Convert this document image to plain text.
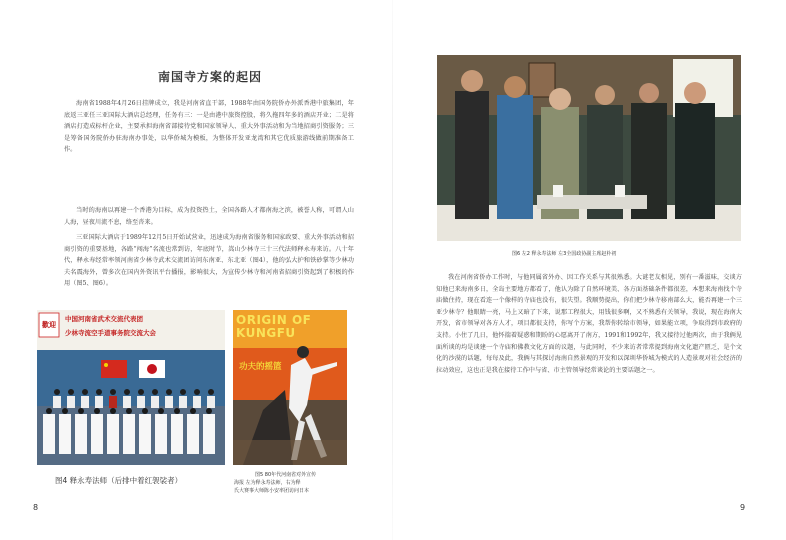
南国寺方案的起因

海南省1988年4月26日挂牌成立，我是河南省直干部，1988年由国务院侨办外派香港中旅集团，年底返三亚任三亚国际大酒店总经理，任务有三：一是由港中旅资控股，将久拖四年多的酒店开业；二是将酒店打造成标杆企业，主要承担海南省部接待党和国家领导人、重大外事活动和为当地招商引资服务；三是筹备国务院侨办驻海南办事处，以华侨城为模板，为整体开发亚龙湾和其它优质旅游线做前期准备工作。

当时的海南以再建一个香港为目标，成为投资热土，全国各路人才都南海之滨，被誉人称，可谓人山人海，昼夜川流不息，络至沓来。

三亚国际大酒店于1989年12月5日开始试营业，迅速成为海南省服务和国家政要、重大外事活动和招商引资的重要基地，各路“闯海”名流也常到访，年底时节，嵩山少林寺三十三代法师释永寿来访。八十年代，释永寿经常率领河南省少林寺武术交流团访问东南亚、东北亚（图4），他的弘大护和铁砂掌等少林功夫名震海外，曾多次在国内外资讯平台播报，影响很大，为宣传少林寺和河南省招商引资起到了积极的作用（图5、图6）。

歡迎
中国河南省武术交流代表团
少林寺流空手道事务院交流大会
ORIGIN OF KUNGFU
功夫的摇篮
图4 释永寿法师（后排中着红袈裟者）
图5 80年代河南省对外宣传
海报 左为释永寿法师，右为释
氏大赛事大师陈小安率团访问日本
8
图6 左2 释永寿法师 左3全国政协副主席赵朴初

我在河南省侨办工作时，与他同属省外办、因工作关系与其很熟悉。大谜老友相见，别有一番滋味，交谈方知他已来海南多日，全岛主要地方都看了，他认为除了自然环境美、各方面基础条件都很差，本想来海南找个寺庙做住持，现在看连一个像样的寺庙也没有，很失望。我顺势提出，你们把少林寺移南部么大，能否再建一个三亚少林寺？他眼睛一亮，马上又暗了下来，说那工程很大，用钱很多啊，又不熟悉有关领导，我说，现在海南大开发，省市领导对各方人才，项目都很支持，你写个方案，我帮你转给市领导，如果能立项，争取得到市政府的支持。小住了几日，他怀揣着疑惑和期盼的心愿离开了南方，1991和1992年，我又接待过他两次，由于我俩见面所谈的均是谈建一个寺庙和佛教文化方面的议题，与此同时，不少来访者常常提到海南文化遗产匮乏，是个文化的沙漠的话题，每每及此，我俩与其探讨海南自然景观的开发和以深圳华侨城为模式的人造景观对社会经济的拉动效应，这也正是我在接待工作中与省、市主管领导经常谈论的主要话题之一。

9
